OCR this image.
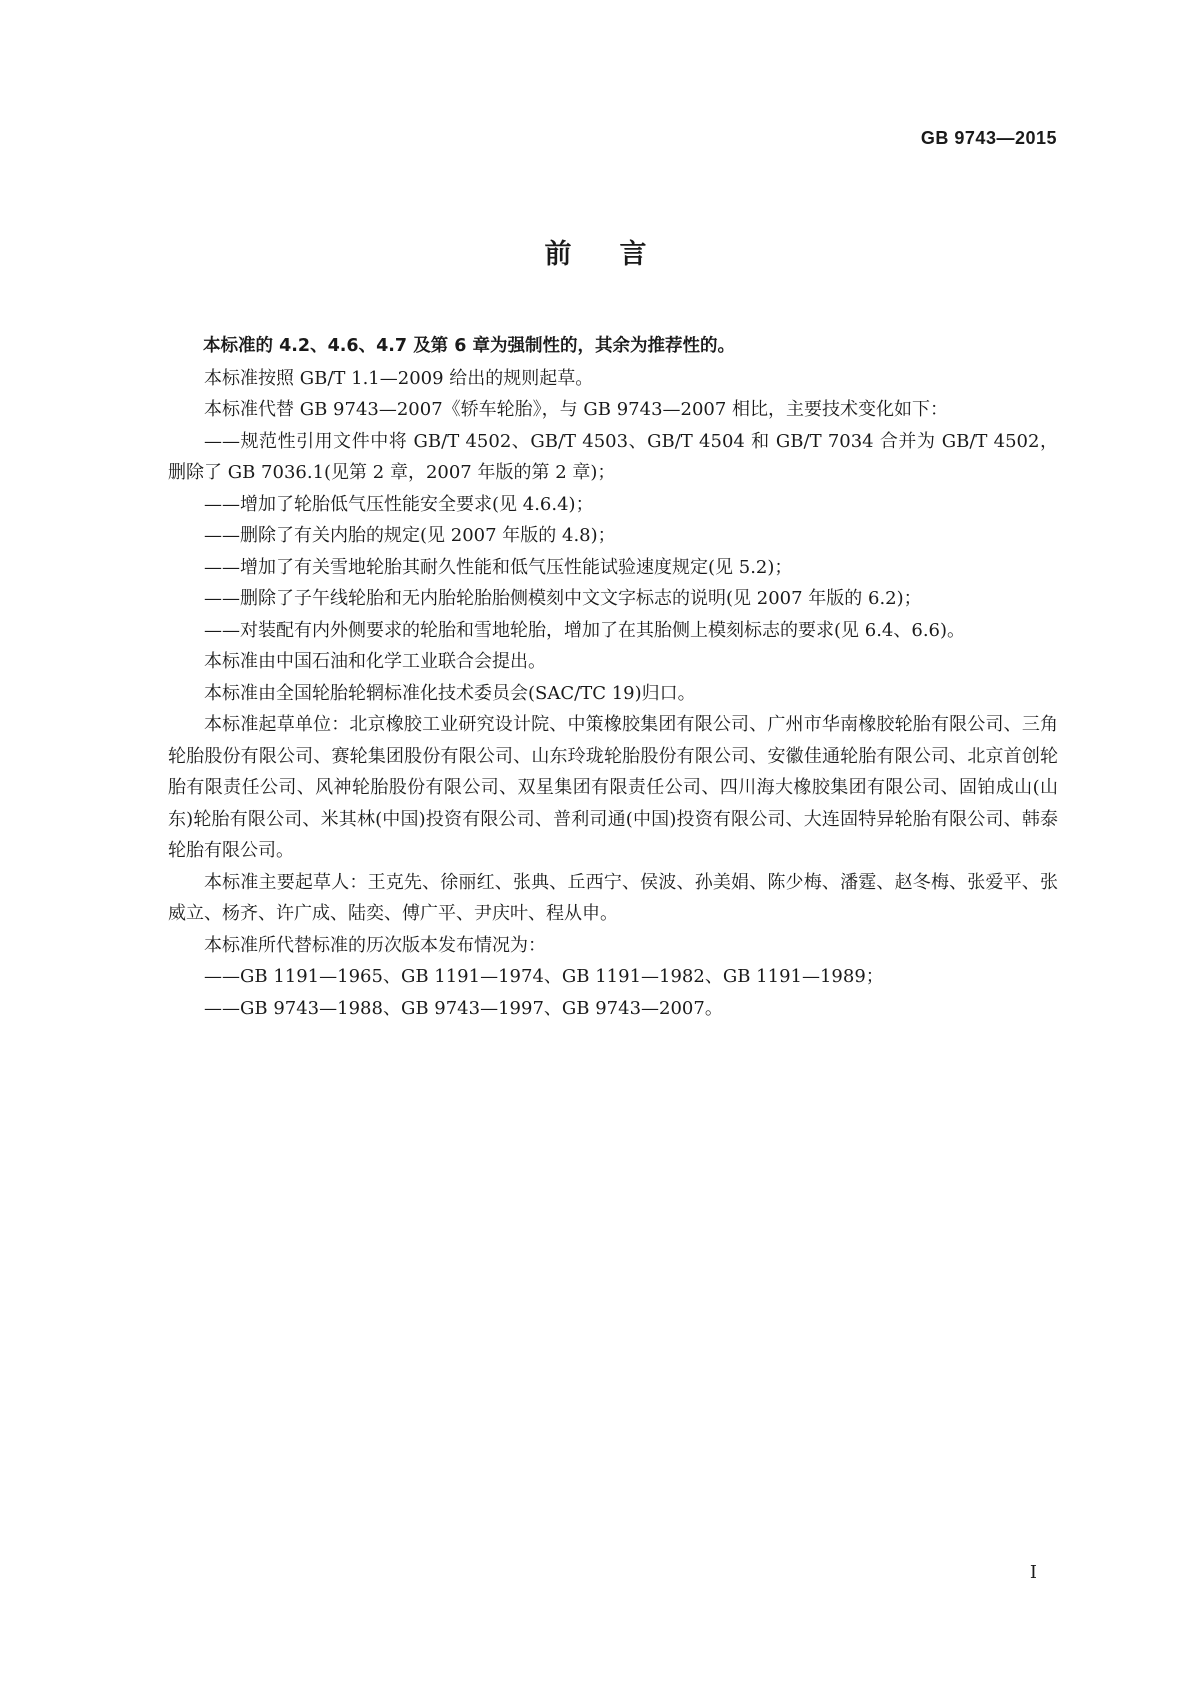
GB 9743—2015
前言

本标准的 4.2、4.6、4.7 及第 6 章为强制性的，其余为推荐性的。

本标准按照 GB/T 1.1—2009 给出的规则起草。

本标准代替 GB 9743—2007《轿车轮胎》，与 GB 9743—2007 相比，主要技术变化如下：

——规范性引用文件中将 GB/T 4502、GB/T 4503、GB/T 4504 和 GB/T 7034 合并为 GB/T 4502，删除了 GB 7036.1(见第 2 章，2007 年版的第 2 章)；

——增加了轮胎低气压性能安全要求(见 4.6.4)；

——删除了有关内胎的规定(见 2007 年版的 4.8)；

——增加了有关雪地轮胎其耐久性能和低气压性能试验速度规定(见 5.2)；

——删除了子午线轮胎和无内胎轮胎胎侧模刻中文文字标志的说明(见 2007 年版的 6.2)；

——对装配有内外侧要求的轮胎和雪地轮胎，增加了在其胎侧上模刻标志的要求(见 6.4、6.6)。

本标准由中国石油和化学工业联合会提出。

本标准由全国轮胎轮辋标准化技术委员会(SAC/TC 19)归口。

本标准起草单位：北京橡胶工业研究设计院、中策橡胶集团有限公司、广州市华南橡胶轮胎有限公司、三角轮胎股份有限公司、赛轮集团股份有限公司、山东玲珑轮胎股份有限公司、安徽佳通轮胎有限公司、北京首创轮胎有限责任公司、风神轮胎股份有限公司、双星集团有限责任公司、四川海大橡胶集团有限公司、固铂成山(山东)轮胎有限公司、米其林(中国)投资有限公司、普利司通(中国)投资有限公司、大连固特异轮胎有限公司、韩泰轮胎有限公司。

本标准主要起草人：王克先、徐丽红、张典、丘西宁、侯波、孙美娟、陈少梅、潘霆、赵冬梅、张爱平、张威立、杨齐、许广成、陆奕、傅广平、尹庆叶、程从申。

本标准所代替标准的历次版本发布情况为：

——GB 1191—1965、GB 1191—1974、GB 1191—1982、GB 1191—1989；

——GB 9743—1988、GB 9743—1997、GB 9743—2007。

I
